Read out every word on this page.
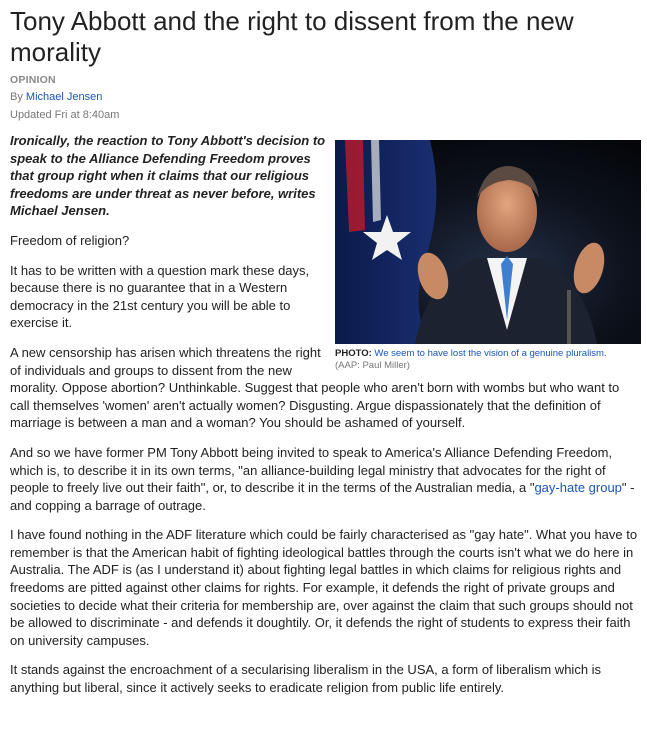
Tony Abbott and the right to dissent from the new morality
OPINION
By Michael Jensen
Updated Fri at 8:40am

Ironically, the reaction to Tony Abbott's decision to speak to the Alliance Defending Freedom proves that group right when it claims that our religious freedoms are under threat as never before, writes Michael Jensen.

Freedom of religion?

It has to be written with a question mark these days, because there is no guarantee that in a Western democracy in the 21st century you will be able to exercise it.

A new censorship has arisen which threatens the right of individuals and groups to dissent from the new morality. Oppose abortion? Unthinkable. Suggest that people who aren't born with wombs but who want to call themselves 'women' aren't actually women? Disgusting. Argue dispassionately that the definition of marriage is between a man and a woman? You should be ashamed of yourself.

And so we have former PM Tony Abbott being invited to speak to America's Alliance Defending Freedom, which is, to describe it in its own terms, "an alliance-building legal ministry that advocates for the right of people to freely live out their faith", or, to describe it in the terms of the Australian media, a "gay-hate group" - and copping a barrage of outrage.

I have found nothing in the ADF literature which could be fairly characterised as "gay hate". What you have to remember is that the American habit of fighting ideological battles through the courts isn't what we do here in Australia. The ADF is (as I understand it) about fighting legal battles in which claims for religious rights and freedoms are pitted against other claims for rights. For example, it defends the right of private groups and societies to decide what their criteria for membership are, over against the claim that such groups should not be allowed to discriminate - and defends it doughtily. Or, it defends the right of students to express their faith on university campuses.

It stands against the encroachment of a secularising liberalism in the USA, a form of liberalism which is anything but liberal, since it actively seeks to eradicate religion from public life entirely.

PHOTO: We seem to have lost the vision of a genuine pluralism.
(AAP: Paul Miller)
